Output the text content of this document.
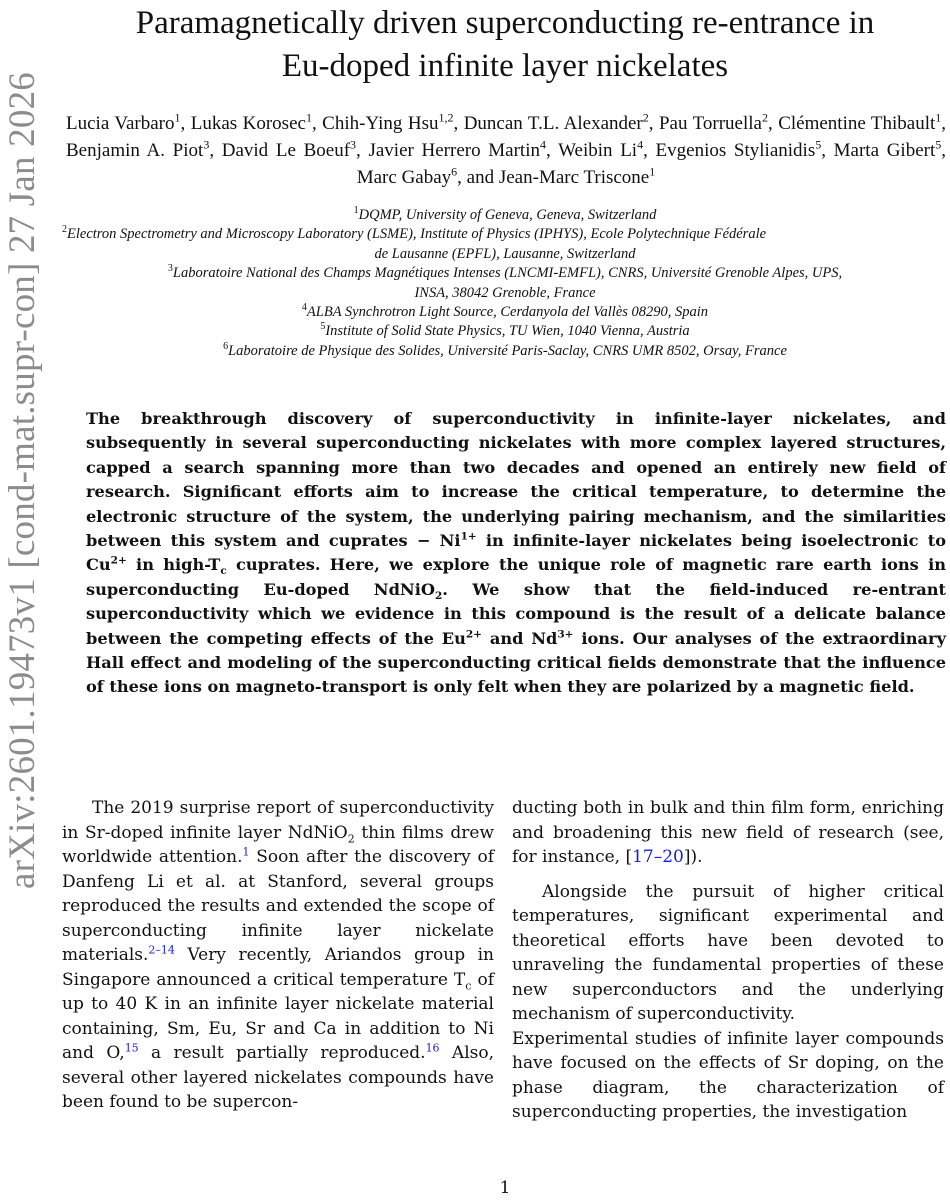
arXiv:2601.19473v1 [cond-mat.supr-con] 27 Jan 2026
Paramagnetically driven superconducting re-entrance in
Eu-doped infinite layer nickelates
Lucia Varbaro$^1$, Lukas Korosec$^1$, Chih-Ying Hsu$^{1,2}$, Duncan T.L. Alexander$^2$, Pau Torruella$^2$, Clémentine Thibault$^1$, Benjamin A. Piot$^3$, David Le Boeuf$^3$, Javier Herrero Martin$^4$, Weibin Li$^4$, Evgenios Stylianidis$^5$, Marta Gibert$^5$, Marc Gabay$^6$, and Jean-Marc Triscone$^1$
$^1$DQMP, University of Geneva, Geneva, Switzerland
$^2$Electron Spectrometry and Microscopy Laboratory (LSME), Institute of Physics (IPHYS), Ecole Polytechnique Fédérale
de Lausanne (EPFL), Lausanne, Switzerland
$^3$Laboratoire National des Champs Magnétiques Intenses (LNCMI-EMFL), CNRS, Université Grenoble Alpes, UPS,
INSA, 38042 Grenoble, France
$^4$ALBA Synchrotron Light Source, Cerdanyola del Vallès 08290, Spain
$^5$Institute of Solid State Physics, TU Wien, 1040 Vienna, Austria
$^6$Laboratoire de Physique des Solides, Université Paris-Saclay, CNRS UMR 8502, Orsay, France

The breakthrough discovery of superconductivity in infinite-layer nickelates, and subsequently in several superconducting nickelates with more complex layered structures, capped a search spanning more than two decades and opened an entirely new field of research. Significant efforts aim to increase the critical temperature, to determine the electronic structure of the system, the underlying pairing mechanism, and the similarities between this system and cuprates − $Ni^{1+}$ in infinite-layer nickelates being isoelectronic to $Cu^{2+}$ in high-$T_c$ cuprates. Here, we explore the unique role of magnetic rare earth ions in superconducting Eu-doped NdNiO$_2$. We show that the field-induced re-entrant superconductivity which we evidence in this compound is the result of a delicate balance between the competing effects of the $Eu^{2+}$ and $Nd^{3+}$ ions. Our analyses of the extraordinary Hall effect and modeling of the superconducting critical fields demonstrate that the influence of these ions on magneto-transport is only felt when they are polarized by a magnetic field.

The 2019 surprise report of superconductivity in Sr-doped infinite layer NdNiO$_2$ thin films drew worldwide attention.$^1$ Soon after the discovery of Danfeng Li et al. at Stanford, several groups reproduced the results and extended the scope of superconducting infinite layer nickelate materials.$^{2-14}$ Very recently, Ariandos group in Singapore announced a critical temperature $T_c$ of up to 40 K in an infinite layer nickelate material containing, Sm, Eu, Sr and Ca in addition to Ni and O,$^{15}$ a result partially reproduced.$^{16}$ Also, several other layered nickelates compounds have been found to be supercon-

ducting both in bulk and thin film form, enriching and broadening this new field of research (see, for instance, [17–20]).

Alongside the pursuit of higher critical temperatures, significant experimental and theoretical efforts have been devoted to unraveling the fundamental properties of these new superconductors and the underlying mechanism of superconductivity.

Experimental studies of infinite layer compounds have focused on the effects of Sr doping, on the phase diagram, the characterization of superconducting properties, the investigation

1
